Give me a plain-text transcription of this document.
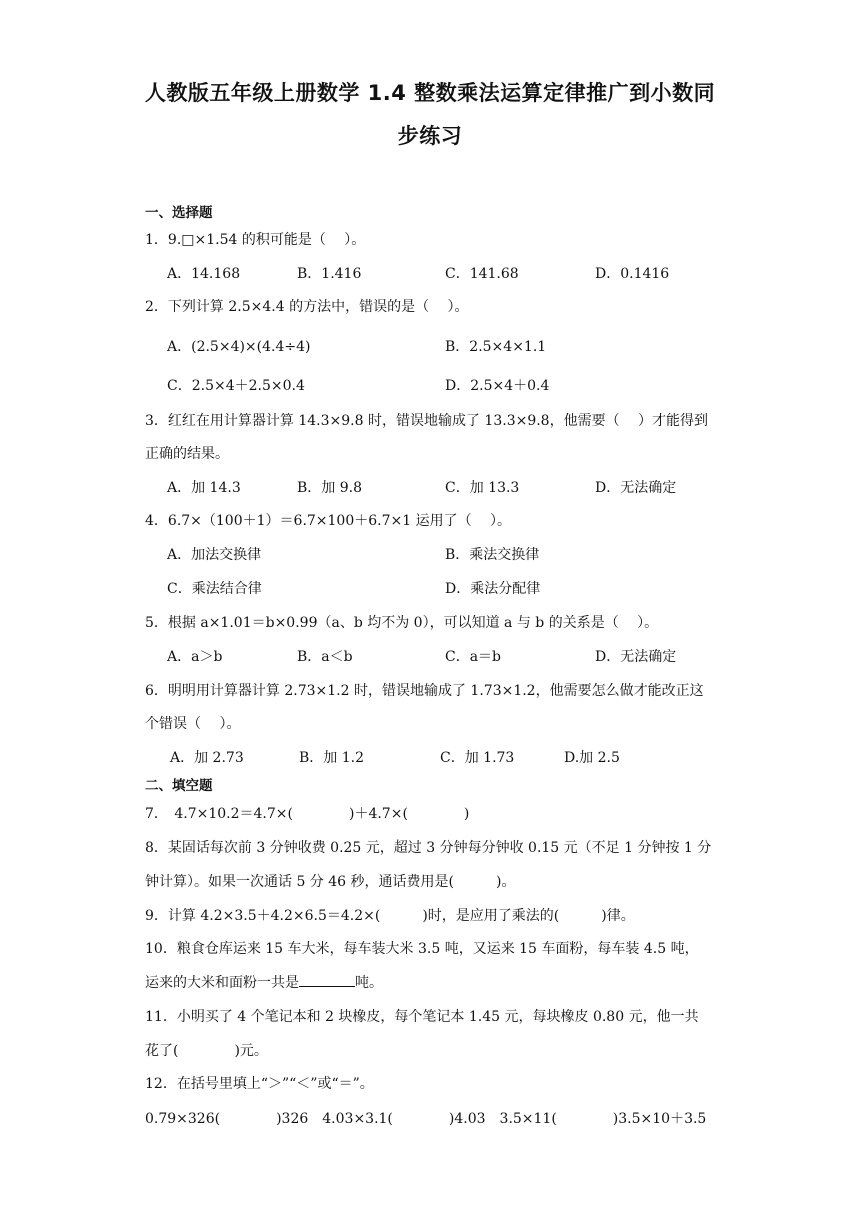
人教版五年级上册数学 1.4 整数乘法运算定律推广到小数同
步练习
一、选择题
1．9.□×1.54 的积可能是（　 ）。
A．14.168	B．1.416	C．141.68	D．0.1416
2．下列计算 2.5×4.4 的方法中，错误的是（　 ）。
A．(2.5×4)×(4.4÷4)	B．2.5×4×1.1
C．2.5×4＋2.5×0.4	D．2.5×4＋0.4
3．红红在用计算器计算 14.3×9.8 时，错误地输成了 13.3×9.8，他需要（　 ）才能得到
正确的结果。
A．加 14.3	B．加 9.8	C．加 13.3	D．无法确定
4．6.7×（100＋1）＝6.7×100＋6.7×1 运用了（　 ）。
A．加法交换律	B．乘法交换律
C．乘法结合律	D．乘法分配律
5．根据 a×1.01＝b×0.99（a、b 均不为 0），可以知道 a 与 b 的关系是（　 ）。
A．a＞b	B．a＜b	C．a＝b	D．无法确定
6．明明用计算器计算 2.73×1.2 时，错误地输成了 1.73×1.2，他需要怎么做才能改正这
个错误（　 ）。
A．加 2.73	B．加 1.2	C．加 1.73	D.加 2.5
二、填空题
7． 4.7×10.2＝4.7×(　　　　)＋4.7×(　　　　)
8．某固话每次前 3 分钟收费 0.25 元，超过 3 分钟每分钟收 0.15 元（不足 1 分钟按 1 分
钟计算）。如果一次通话 5 分 46 秒，通话费用是(　　　)。
9．计算 4.2×3.5＋4.2×6.5＝4.2×(　　　)时，是应用了乘法的(　　　)律。
10．粮食仓库运来 15 车大米，每车装大米 3.5 吨，又运来 15 车面粉，每车装 4.5 吨，
运来的大米和面粉一共是	吨。
11．小明买了 4 个笔记本和 2 块橡皮，每个笔记本 1.45 元，每块橡皮 0.80 元，他一共
花了(　　　　)元。
12．在括号里填上“＞”“＜”或“＝”。
0.79×326(　　　　)326　4.03×3.1(　　　　)4.03　3.5×11(　　　　)3.5×10＋3.5
